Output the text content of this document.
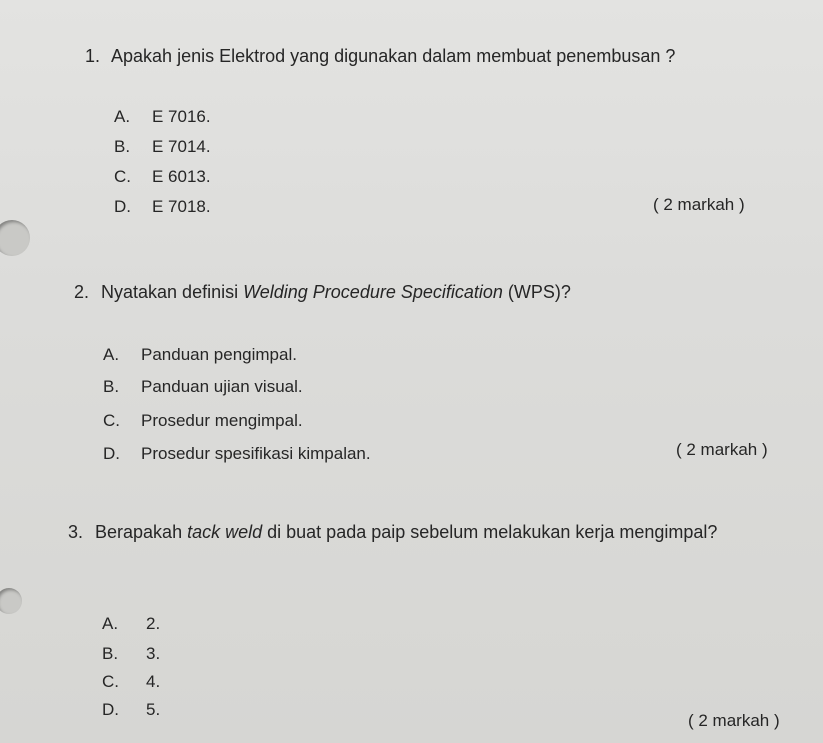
1. Apakah jenis Elektrod yang digunakan dalam membuat penembusan ?
A. E 7016.
B. E 7014.
C. E 6013.
D. E 7018.	( 2 markah )
2. Nyatakan definisi Welding Procedure Specification (WPS)?
A. Panduan pengimpal.
B. Panduan ujian visual.
C. Prosedur mengimpal.
D. Prosedur spesifikasi kimpalan.	( 2 markah )
3. Berapakah tack weld di buat pada paip sebelum melakukan kerja mengimpal?
A. 2.
B. 3.
C. 4.
D. 5.
( 2 markah )
